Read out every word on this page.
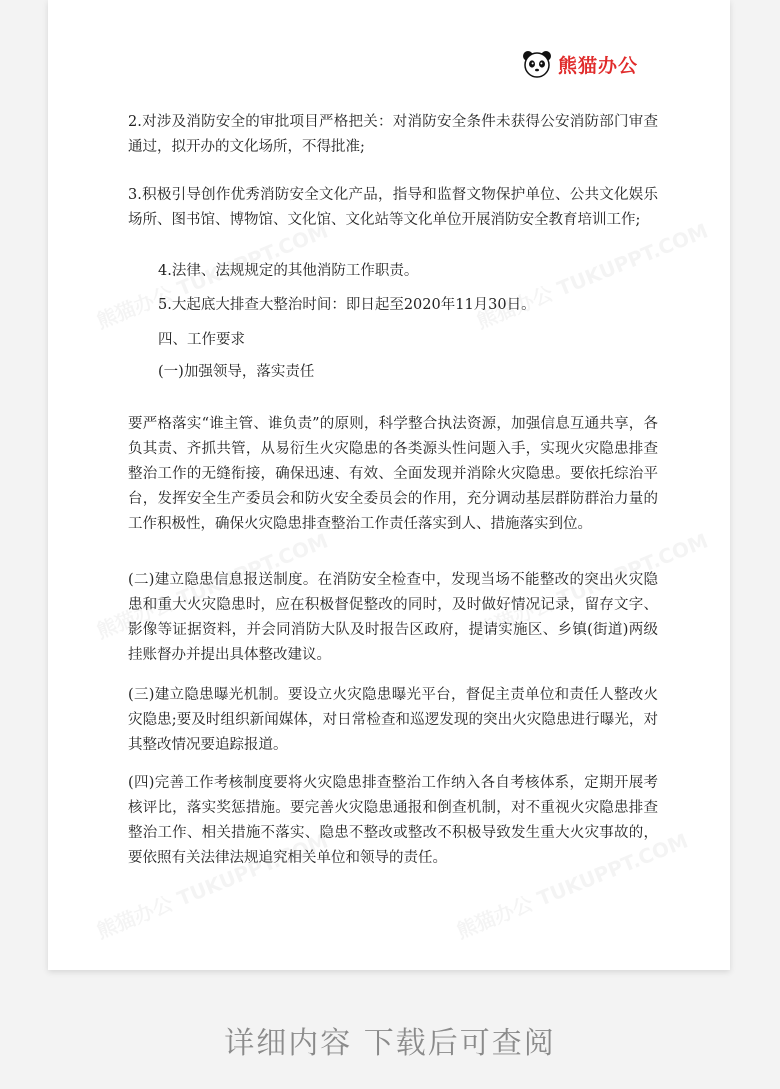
熊猫办公

2.对涉及消防安全的审批项目严格把关：对消防安全条件未获得公安消防部门审查通过，拟开办的文化场所，不得批准;

3.积极引导创作优秀消防安全文化产品，指导和监督文物保护单位、公共文化娱乐场所、图书馆、博物馆、文化馆、文化站等文化单位开展消防安全教育培训工作;

4.法律、法规规定的其他消防工作职责。

5.大起底大排查大整治时间：即日起至2020年11月30日。

四、工作要求

(一)加强领导，落实责任

要严格落实“谁主管、谁负责”的原则，科学整合执法资源，加强信息互通共享，各负其责、齐抓共管，从易衍生火灾隐患的各类源头性问题入手，实现火灾隐患排查整治工作的无缝衔接，确保迅速、有效、全面发现并消除火灾隐患。要依托综治平台，发挥安全生产委员会和防火安全委员会的作用，充分调动基层群防群治力量的工作积极性，确保火灾隐患排查整治工作责任落实到人、措施落实到位。

(二)建立隐患信息报送制度。在消防安全检查中，发现当场不能整改的突出火灾隐患和重大火灾隐患时，应在积极督促整改的同时，及时做好情况记录，留存文字、影像等证据资料，并会同消防大队及时报告区政府，提请实施区、乡镇(街道)两级挂账督办并提出具体整改建议。

(三)建立隐患曝光机制。要设立火灾隐患曝光平台，督促主责单位和责任人整改火灾隐患;要及时组织新闻媒体，对日常检查和巡逻发现的突出火灾隐患进行曝光，对其整改情况要追踪报道。

(四)完善工作考核制度要将火灾隐患排查整治工作纳入各自考核体系，定期开展考核评比，落实奖惩措施。要完善火灾隐患通报和倒查机制，对不重视火灾隐患排查整治工作、相关措施不落实、隐患不整改或整改不积极导致发生重大火灾事故的，要依照有关法律法规追究相关单位和领导的责任。

详细内容 下载后可查阅
